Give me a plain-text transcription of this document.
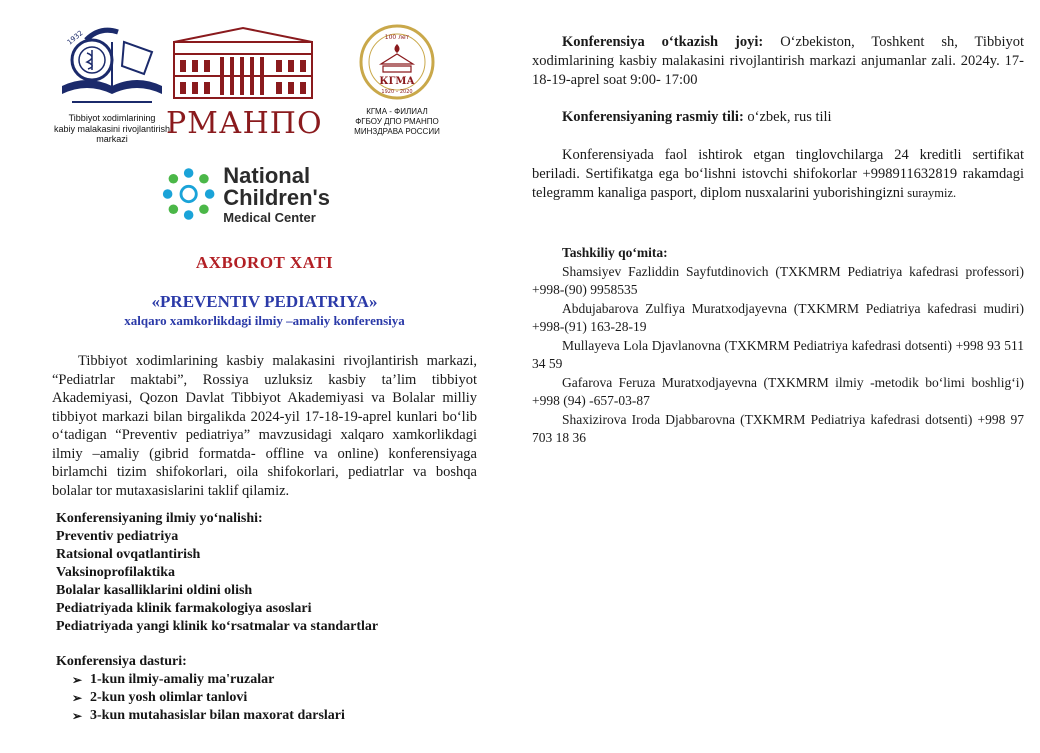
1932
Tibbiyot xodimlarining
kabiy malakasini rivojlantirish
markazi	РМАНПО
100 лет
КГМА
1920 – 2020
КГМА - ФИЛИАЛ
ФГБОУ ДПО РМАНПО
МИНЗДРАВА РОССИИ
National
Children's
Medical Center
AXBOROT XATI
«PREVENTIV PEDIATRIYA»
xalqaro xamkorlikdagi ilmiy –amaliy konferensiya

Tibbiyot xodimlarining kasbiy malakasini rivojlantirish markazi, “Pediatrlar maktabi”, Rossiya uzluksiz kasbiy ta’lim tibbiyot Akademiyasi, Qozon Davlat Tibbiyot Akademiyasi va Bolalar milliy tibbiyot markazi bilan birgalikda 2024-yil 17-18-19-aprel kunlari bo‘lib o‘tadigan “Preventiv pediatriya” mavzusidagi xalqaro xamkorlikdagi ilmiy –amaliy (gibrid formatda- offline va online) konferensiyaga birlamchi tizim shifokorlari, oila shifokorlari, pediatrlar va boshqa bolalar tor mutaxasislarini taklif qilamiz.

Konferensiyaning ilmiy yo‘nalishi:
Preventiv pediatriya
Ratsional ovqatlantirish
Vaksinoprofilaktika
Bolalar kasalliklarini oldini olish
Pediatriyada klinik farmakologiya asoslari
Pediatriyada yangi klinik ko‘rsatmalar va standartlar
Konferensiya dasturi:
➢ 1-kun ilmiy-amaliy ma'ruzalar
➢ 2-kun yosh olimlar tanlovi
➢ 3-kun mutahasislar bilan maxorat darslari
Konferensiya o‘tkazish joyi: O‘zbekiston, Toshkent sh, Tibbiyot xodimlarining kasbiy malakasini rivojlantirish markazi anjumanlar zali. 2024y. 17-18-19-aprel soat 9:00- 17:00
Konferensiyaning rasmiy tili: o‘zbek, rus tili
Konferensiyada faol ishtirok etgan tinglovchilarga 24 kreditli sertifikat beriladi. Sertifikatga ega bo‘lishni istovchi shifokorlar +998911632819 rakamdagi telegramm kanaliga pasport, diplom nusxalarini yuborishingizni suraymiz.
Tashkiliy qo‘mita:
Shamsiyev Fazliddin Sayfutdinovich (TXKMRM Pediatriya kafedrasi professori) +998-(90) 9958535
Abdujabarova Zulfiya Muratxodjayevna (TXKMRM Pediatriya kafedrasi mudiri) +998-(91) 163-28-19
Mullayeva Lola Djavlanovna (TXKMRM Pediatriya kafedrasi dotsenti) +998 93 511 34 59
Gafarova Feruza Muratxodjayevna (TXKMRM ilmiy -metodik bo‘limi boshlig‘i) +998 (94) -657-03-87
Shaxizirova Iroda Djabbarovna (TXKMRM Pediatriya kafedrasi dotsenti) +998 97 703 18 36
